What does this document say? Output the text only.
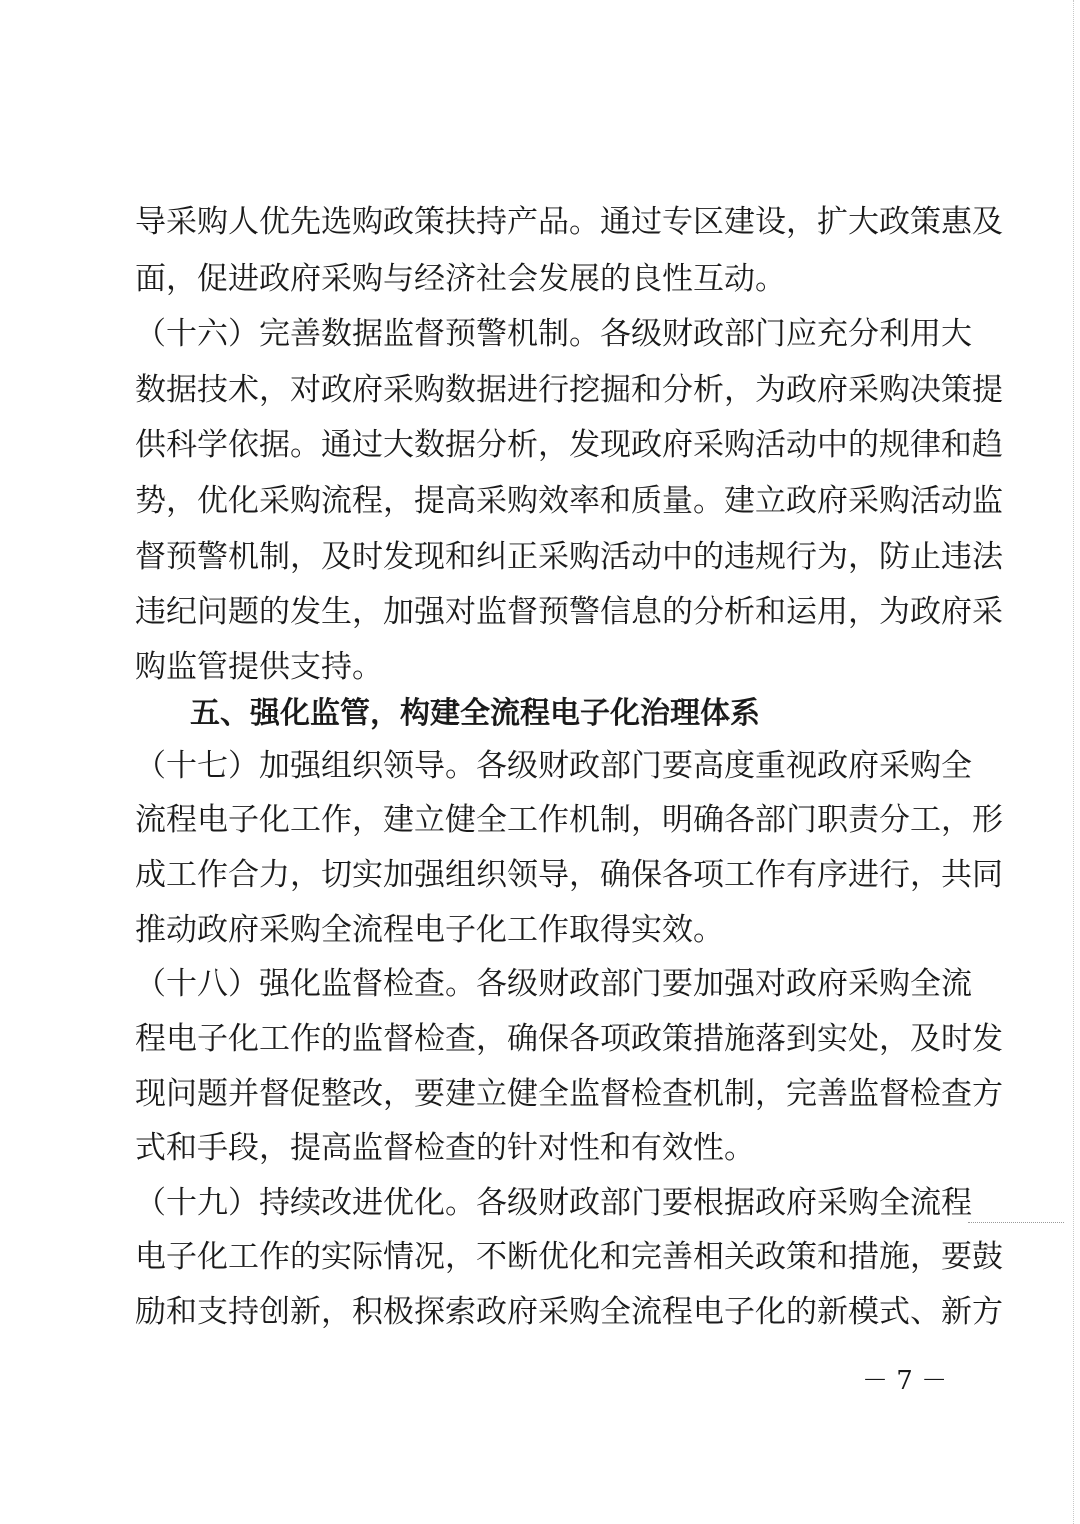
导采购人优先选购政策扶持产品。通过专区建设，扩大政策惠及
面，促进政府采购与经济社会发展的良性互动。
（十六）完善数据监督预警机制。各级财政部门应充分利用大
数据技术，对政府采购数据进行挖掘和分析，为政府采购决策提
供科学依据。通过大数据分析，发现政府采购活动中的规律和趋
势，优化采购流程，提高采购效率和质量。建立政府采购活动监
督预警机制，及时发现和纠正采购活动中的违规行为，防止违法
违纪问题的发生，加强对监督预警信息的分析和运用，为政府采
购监管提供支持。
五、强化监管，构建全流程电子化治理体系
（十七）加强组织领导。各级财政部门要高度重视政府采购全
流程电子化工作，建立健全工作机制，明确各部门职责分工，形
成工作合力，切实加强组织领导，确保各项工作有序进行，共同
推动政府采购全流程电子化工作取得实效。
（十八）强化监督检查。各级财政部门要加强对政府采购全流
程电子化工作的监督检查，确保各项政策措施落到实处，及时发
现问题并督促整改，要建立健全监督检查机制，完善监督检查方
式和手段，提高监督检查的针对性和有效性。
（十九）持续改进优化。各级财政部门要根据政府采购全流程
电子化工作的实际情况，不断优化和完善相关政策和措施，要鼓
励和支持创新，积极探索政府采购全流程电子化的新模式、新方
－ 7 －
